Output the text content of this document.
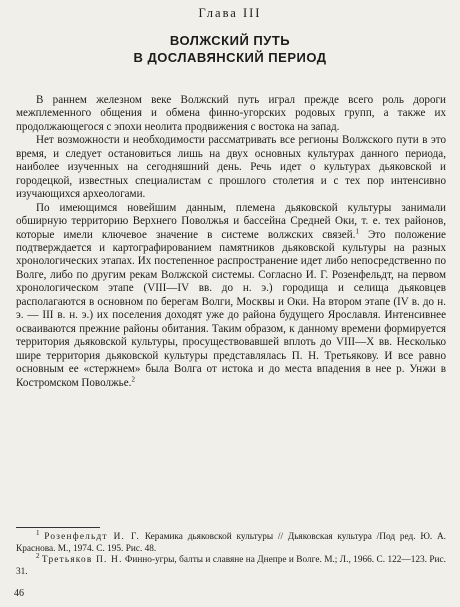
Глава III
ВОЛЖСКИЙ ПУТЬ
В ДОСЛАВЯНСКИЙ ПЕРИОД

В раннем железном веке Волжский путь играл прежде всего роль дороги межплеменного общения и обмена финно-угорских родовых групп, а также их продолжающегося с эпохи неолита продвижения с востока на запад.

Нет возможности и необходимости рассматривать все регионы Волжского пути в это время, и следует остановиться лишь на двух основных культурах данного периода, наиболее изученных на сегодняшний день. Речь идет о культурах дьяковской и городецкой, известных специалистам с прошлого столетия и с тех пор интенсивно изучающихся археологами.

По имеющимся новейшим данным, племена дьяковской культуры занимали обширную территорию Верхнего Поволжья и бассейна Средней Оки, т. е. тех районов, которые имели ключевое значение в системе волжских связей.$^1$ Это положение подтверждается и картографированием памятников дьяковской культуры на разных хронологических этапах. Их постепенное распространение идет либо непосредственно по Волге, либо по другим рекам Волжской системы. Согласно И. Г. Розенфельдт, на первом хронологическом этапе (VIII—IV вв. до н. э.) городища и селища дьяковцев располагаются в основном по берегам Волги, Москвы и Оки. На втором этапе (IV в. до н. э. — III в. н. э.) их поселения доходят уже до района будущего Ярославля. Интенсивнее осваиваются прежние районы обитания. Таким образом, к данному времени формируется территория дьяковской культуры, просуществовавшей вплоть до VIII—X вв. Несколько шире территория дьяковской культуры представлялась П. Н. Третьякову. И все равно основным ее «стержнем» была Волга от истока и до места впадения в нее р. Унжи в Костромском Поволжье.$^2$

$^1$ Розенфельдт И. Г. Керамика дьяковской культуры // Дьяковская культура /Под ред. Ю. А. Краснова. М., 1974. С. 195. Рис. 48.

$^2$ Третьяков П. Н. Финно-угры, балты и славяне на Днепре и Волге. М.; Л., 1966. С. 122—123. Рис. 31.

46
